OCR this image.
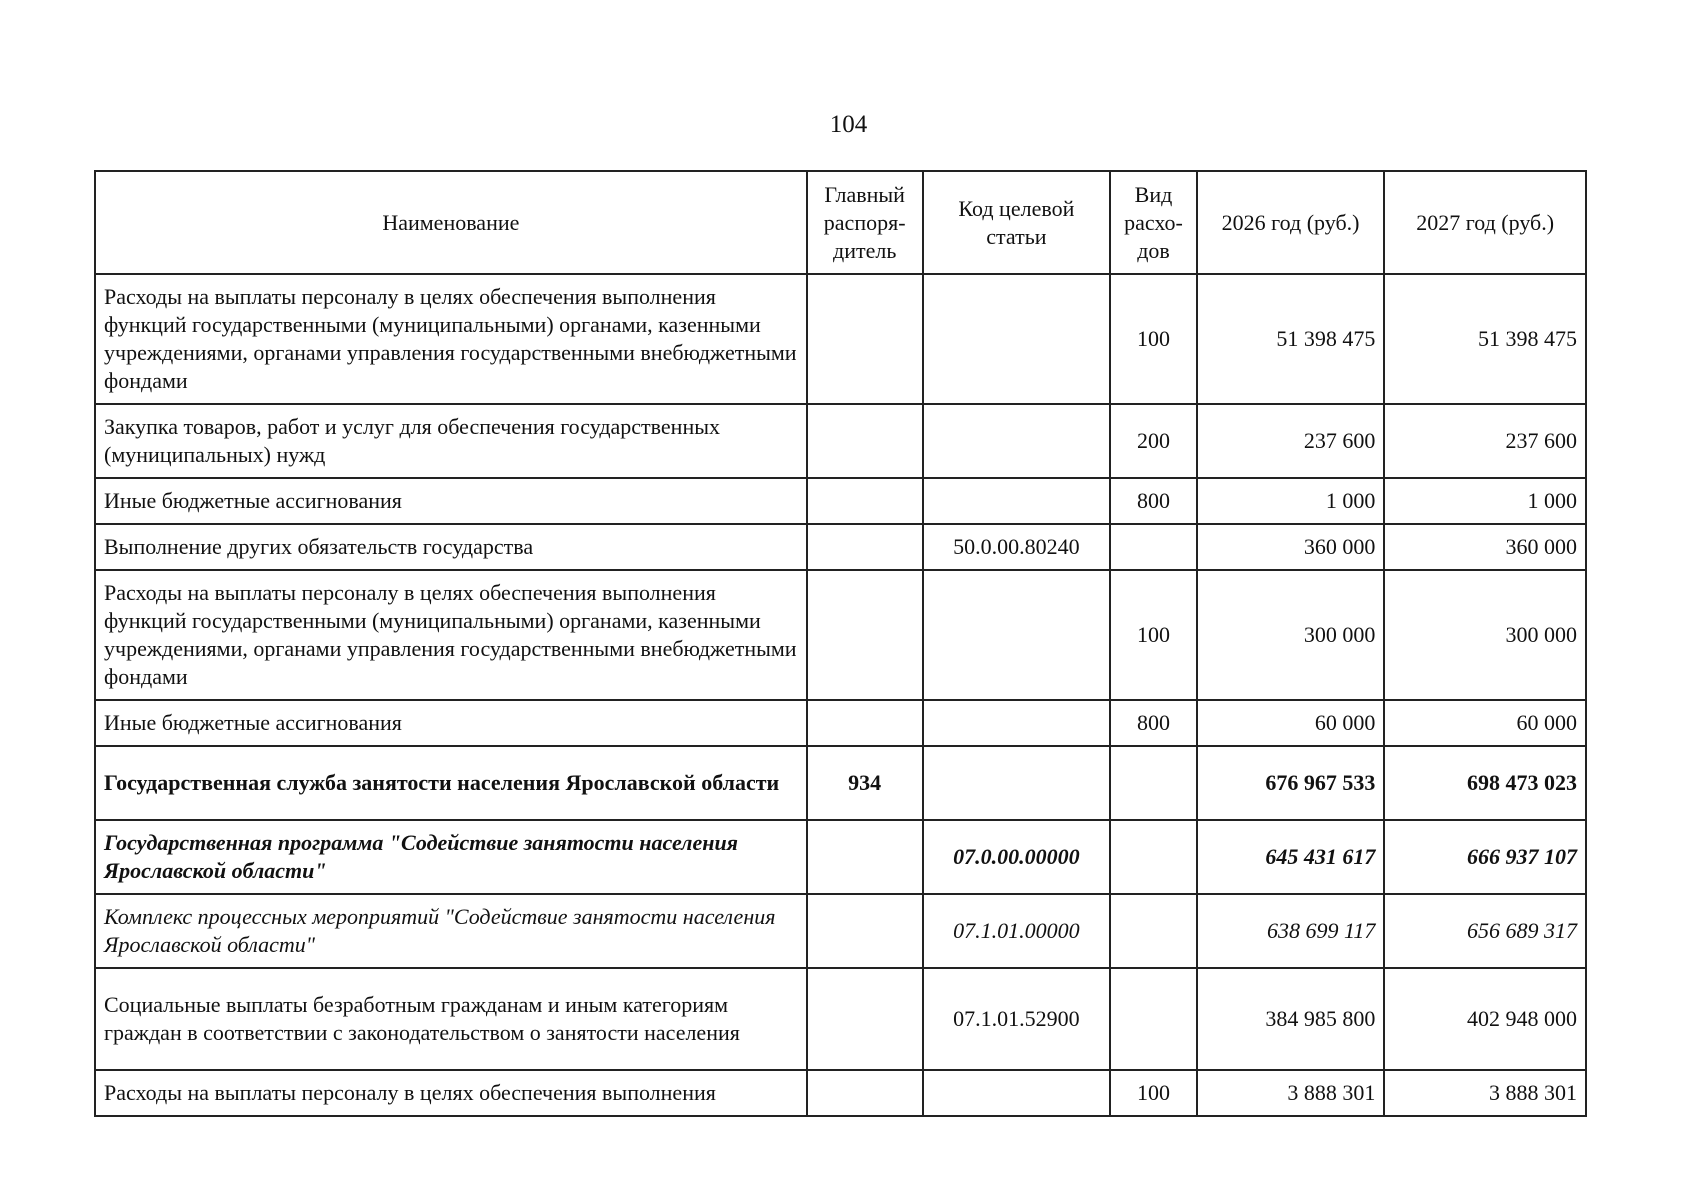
104
Наименование	Главный распоря-дитель	Код целевой статьи	Вид расхо-дов	2026 год (руб.)	2027 год (руб.)
Расходы на выплаты персоналу в целях обеспечения выполнения функций государственными (муниципальными) органами, казенными учреждениями, органами управления государственными внебюджетными фондами			100	51 398 475	51 398 475
Закупка товаров, работ и услуг для обеспечения государственных (муниципальных) нужд			200	237 600	237 600
Иные бюджетные ассигнования			800	1 000	1 000
Выполнение других обязательств государства		50.0.00.80240		360 000	360 000
Расходы на выплаты персоналу в целях обеспечения выполнения функций государственными (муниципальными) органами, казенными учреждениями, органами управления государственными внебюджетными фондами			100	300 000	300 000
Иные бюджетные ассигнования			800	60 000	60 000
Государственная служба занятости населения Ярославской области	934			676 967 533	698 473 023
Государственная программа "Содействие занятости населения Ярославской области"		07.0.00.00000		645 431 617	666 937 107
Комплекс процессных мероприятий "Содействие занятости населения Ярославской области"		07.1.01.00000		638 699 117	656 689 317
Социальные выплаты безработным гражданам и иным категориям граждан в соответствии с законодательством о занятости населения		07.1.01.52900		384 985 800	402 948 000
Расходы на выплаты персоналу в целях обеспечения выполнения			100	3 888 301	3 888 301
